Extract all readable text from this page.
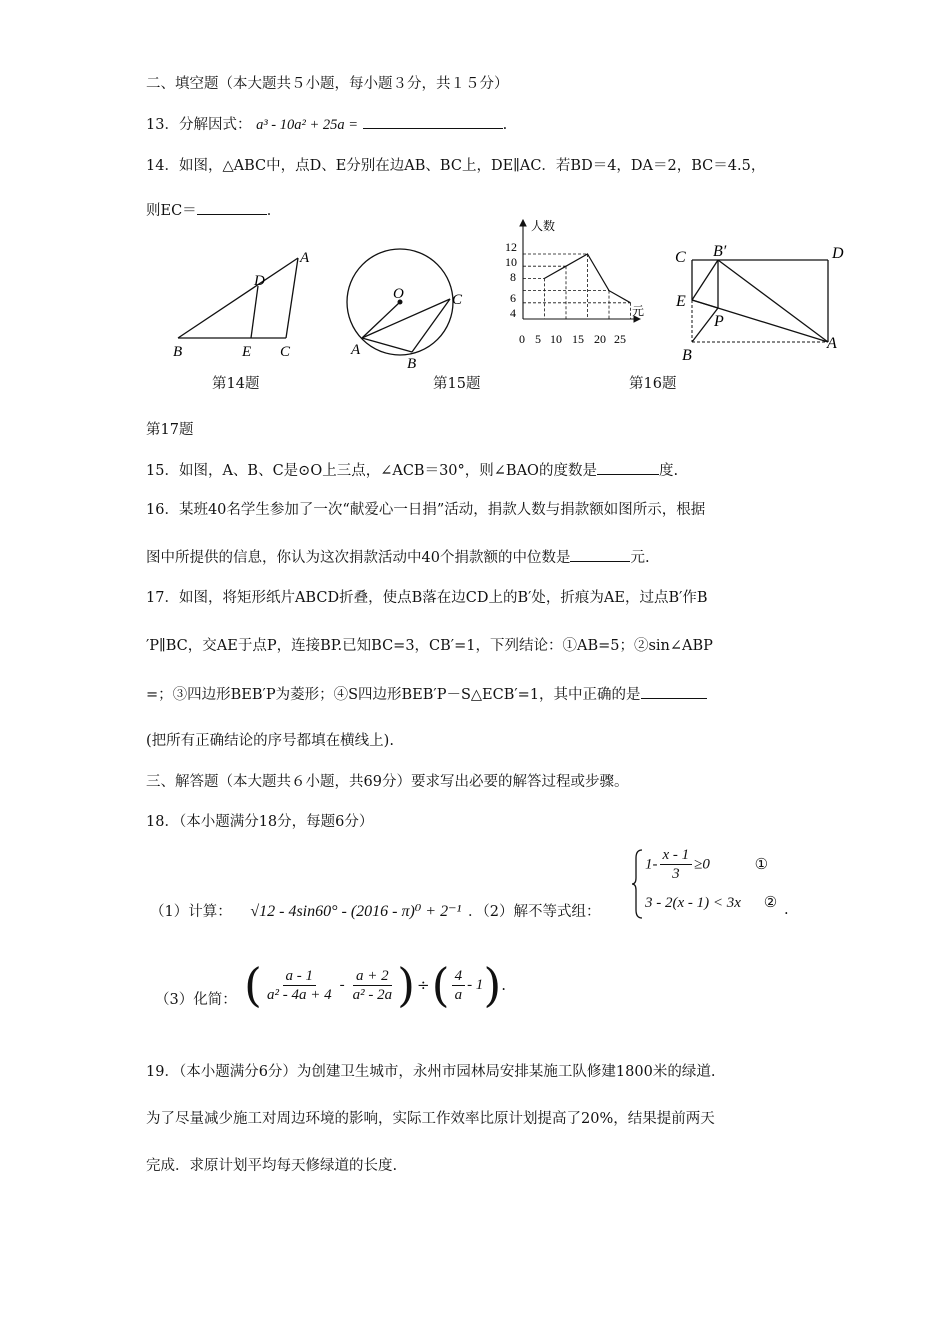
二、填空题（本大题共５小题，每小题３分，共１５分）
13．分解因式： a³ - 10a² + 25a =	.
14．如图，△ABC中，点D、E分别在边AB、BC上，DE∥AC．若BD＝4，DA＝2，BC＝4.5，
则EC＝	．
A
B	C
D
E
第14题
O
A
B
C
第15题
人数
元
12
10
8
6
4
0 5 10 15 20 25
第16题
C B′	D
E
P
B
A
第17题
15．如图，A、B、C是⊙O上三点，∠ACB＝30°，则∠BAO的度数是	度.
16．某班40名学生参加了一次“献爱心一日捐”活动，捐款人数与捐款额如图所示，根据
图中所提供的信息，你认为这次捐款活动中40个捐款额的中位数是	元.
17．如图，将矩形纸片ABCD折叠，使点B落在边CD上的B′处，折痕为AE，过点B′作B
′P∥BC，交AE于点P，连接BP.已知BC=3，CB′=1，下列结论：①AB=5；②sin∠ABP
=；③四边形BEB′P为菱形；④S四边形BEB′P－S△ECB′=1，其中正确的是
(把所有正确结论的序号都填在横线上).
三、解答题（本大题共６小题，共69分）要求写出必要的解答过程或步骤。
18．（本小题满分18分，每题6分）
（1）计算： √12 - 4sin60° - (2016 - π)⁰ + 2⁻¹ ．（2）解不等式组：
$1- \frac{x - 1}{3} \ge 0$	①
3 - 2(x - 1) < 3x ② .
（3）化简： ( $\frac{a - 1}{\text{a² - 4a + 4}} - \frac{a + 2}{\text{a² - 2a}}$ ) ÷ ( $\frac{4}{a} - 1$ ) .
19．（本小题满分6分）为创建卫生城市，永州市园林局安排某施工队修建1800米的绿道.
为了尽量减少施工对周边环境的影响，实际工作效率比原计划提高了20%，结果提前两天
完成．求原计划平均每天修绿道的长度.
